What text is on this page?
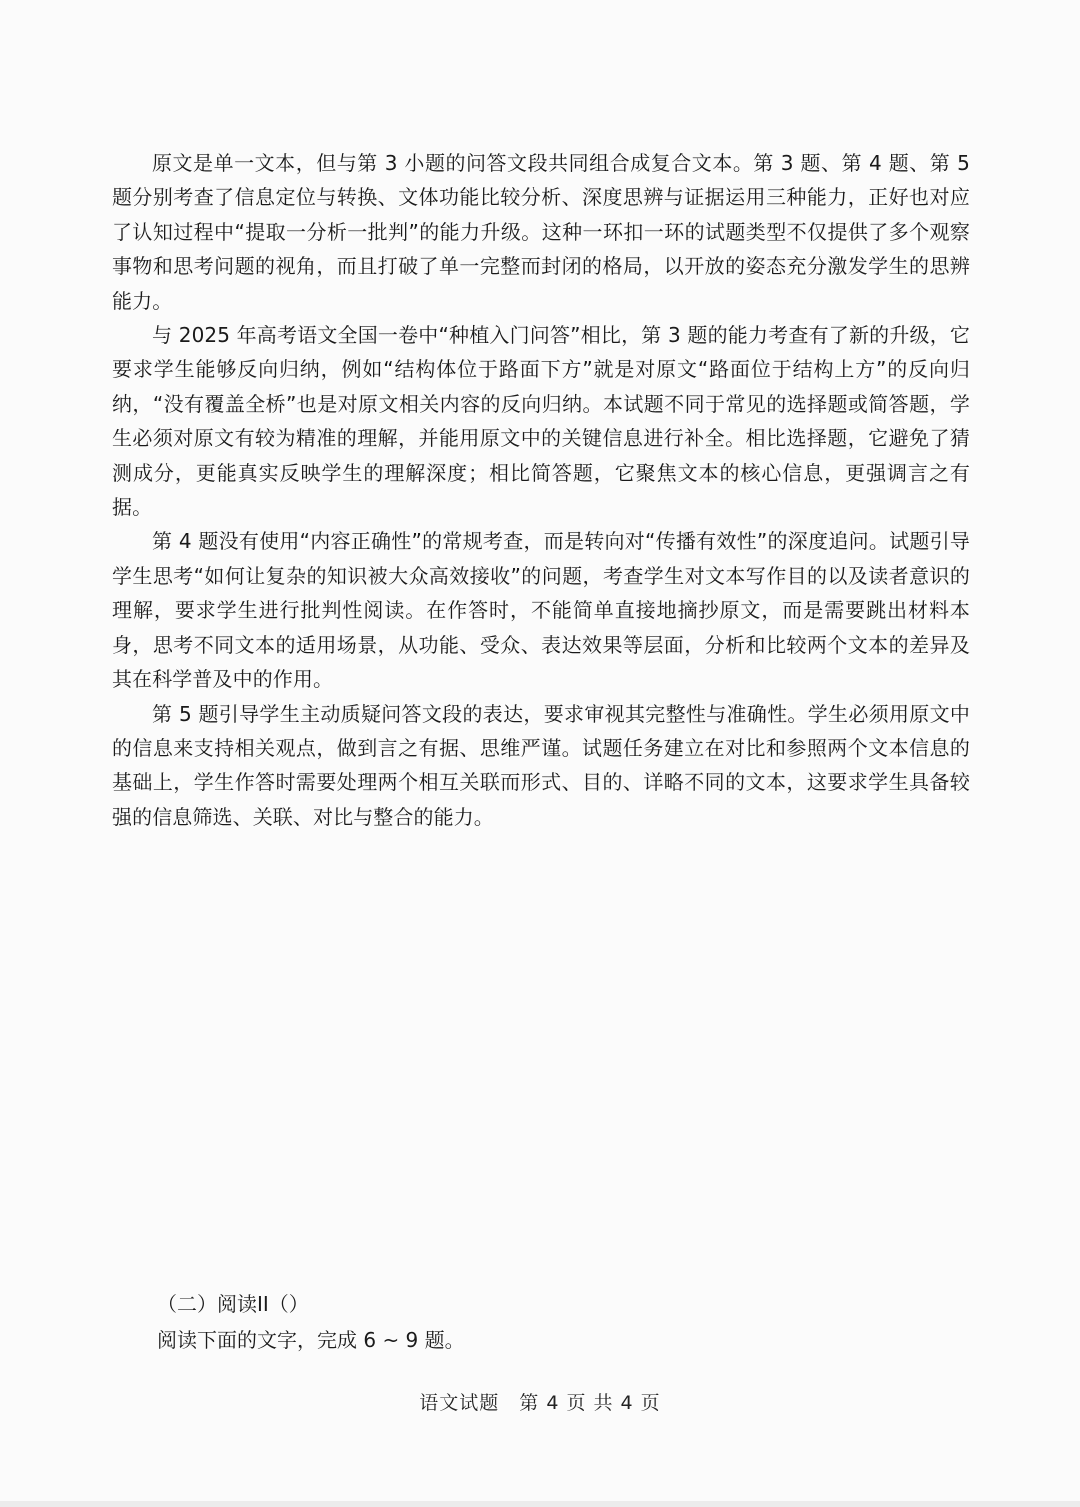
原文是单一文本，但与第 3 小题的问答文段共同组合成复合文本。第 3 题、第 4 题、第 5 题分别考查了信息定位与转换、文体功能比较分析、深度思辨与证据运用三种能力，正好也对应了认知过程中“提取一分析一批判”的能力升级。这种一环扣一环的试题类型不仅提供了多个观察事物和思考问题的视角，而且打破了单一完整而封闭的格局，以开放的姿态充分激发学生的思辨能力。

与 2025 年高考语文全国一卷中“种植入门问答”相比，第 3 题的能力考查有了新的升级，它要求学生能够反向归纳，例如“结构体位于路面下方”就是对原文“路面位于结构上方”的反向归纳，“没有覆盖全桥”也是对原文相关内容的反向归纳。本试题不同于常见的选择题或简答题，学生必须对原文有较为精准的理解，并能用原文中的关键信息进行补全。相比选择题，它避免了猜测成分，更能真实反映学生的理解深度；相比简答题，它聚焦文本的核心信息，更强调言之有据。

第 4 题没有使用“内容正确性”的常规考查，而是转向对“传播有效性”的深度追问。试题引导学生思考“如何让复杂的知识被大众高效接收”的问题，考查学生对文本写作目的以及读者意识的理解，要求学生进行批判性阅读。在作答时，不能简单直接地摘抄原文，而是需要跳出材料本身，思考不同文本的适用场景，从功能、受众、表达效果等层面，分析和比较两个文本的差异及其在科学普及中的作用。

第 5 题引导学生主动质疑问答文段的表达，要求审视其完整性与准确性。学生必须用原文中的信息来支持相关观点，做到言之有据、思维严谨。试题任务建立在对比和参照两个文本信息的基础上，学生作答时需要处理两个相互关联而形式、目的、详略不同的文本，这要求学生具备较强的信息筛选、关联、对比与整合的能力。

（二）阅读II（）

阅读下面的文字，完成 6 ~ 9 题。

语文试题　第 4 页 共 4 页
